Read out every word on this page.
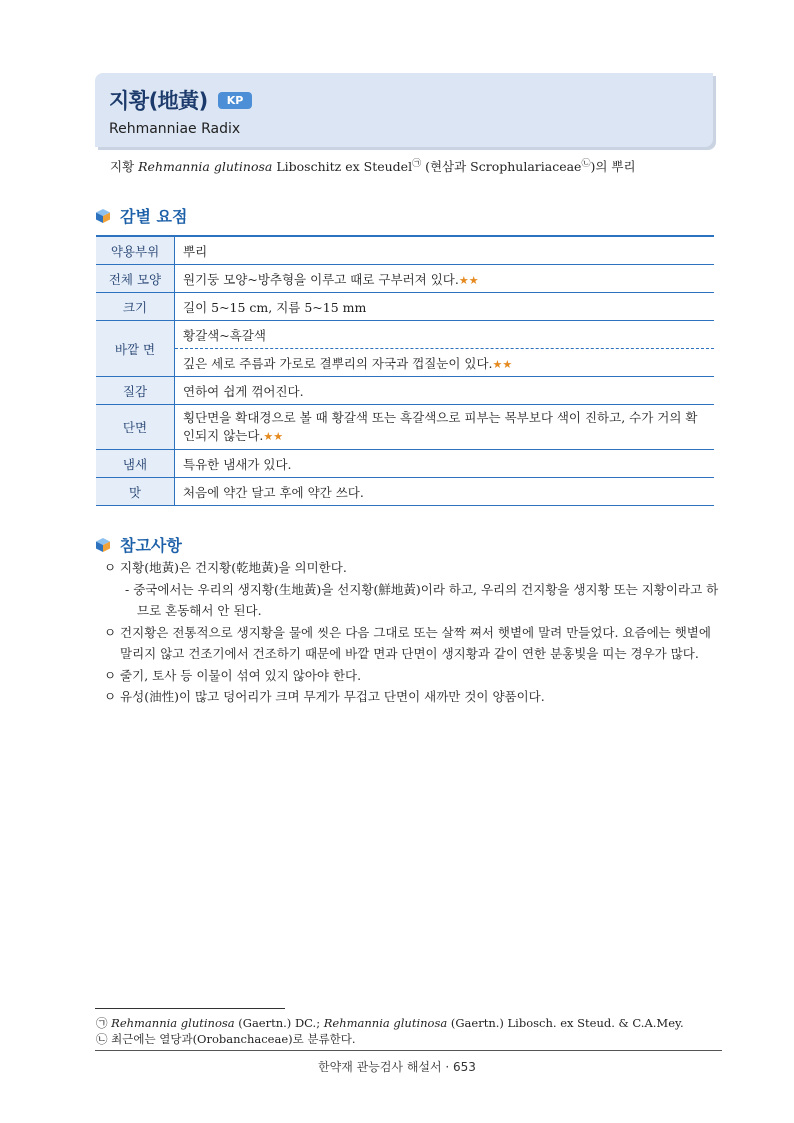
지황(地黃)	KP
Rehmanniae Radix
지황 Rehmannia glutinosa Liboschitz ex Steudel㉠ (현삼과 Scrophulariaceae㉡)의 뿌리
감별 요점
약용부위	뿌리
전체 모양	원기둥 모양~방추형을 이루고 때로 구부러져 있다.★★
크기	길이 5~15 cm, 지름 5~15 mm
바깥 면	황갈색~흑갈색
	깊은 세로 주름과 가로로 결뿌리의 자국과 껍질눈이 있다.★★
질감	연하여 쉽게 꺾어진다.
단면	횡단면을 확대경으로 볼 때 황갈색 또는 흑갈색으로 피부는 목부보다 색이 진하고, 수가 거의 확인되지 않는다.★★
냄새	특유한 냄새가 있다.
맛	처음에 약간 달고 후에 약간 쓰다.
참고사항
ㅇ 지황(地黃)은 건지황(乾地黃)을 의미한다.
- 중국에서는 우리의 생지황(生地黃)을 선지황(鮮地黃)이라 하고, 우리의 건지황을 생지황 또는 지황이라고 하므로 혼동해서 안 된다.
ㅇ 건지황은 전통적으로 생지황을 물에 씻은 다음 그대로 또는 살짝 쪄서 햇볕에 말려 만들었다. 요즘에는 햇볕에 말리지 않고 건조기에서 건조하기 때문에 바깥 면과 단면이 생지황과 같이 연한 분홍빛을 띠는 경우가 많다.
ㅇ 줄기, 토사 등 이물이 섞여 있지 않아야 한다.
ㅇ 유성(油性)이 많고 덩어리가 크며 무게가 무겁고 단면이 새까만 것이 양품이다.
㉠ Rehmannia glutinosa (Gaertn.) DC.; Rehmannia glutinosa (Gaertn.) Libosch. ex Steud. & C.A.Mey.
㉡ 최근에는 열당과(Orobanchaceae)로 분류한다.
한약재 관능검사 해설서 · 653
